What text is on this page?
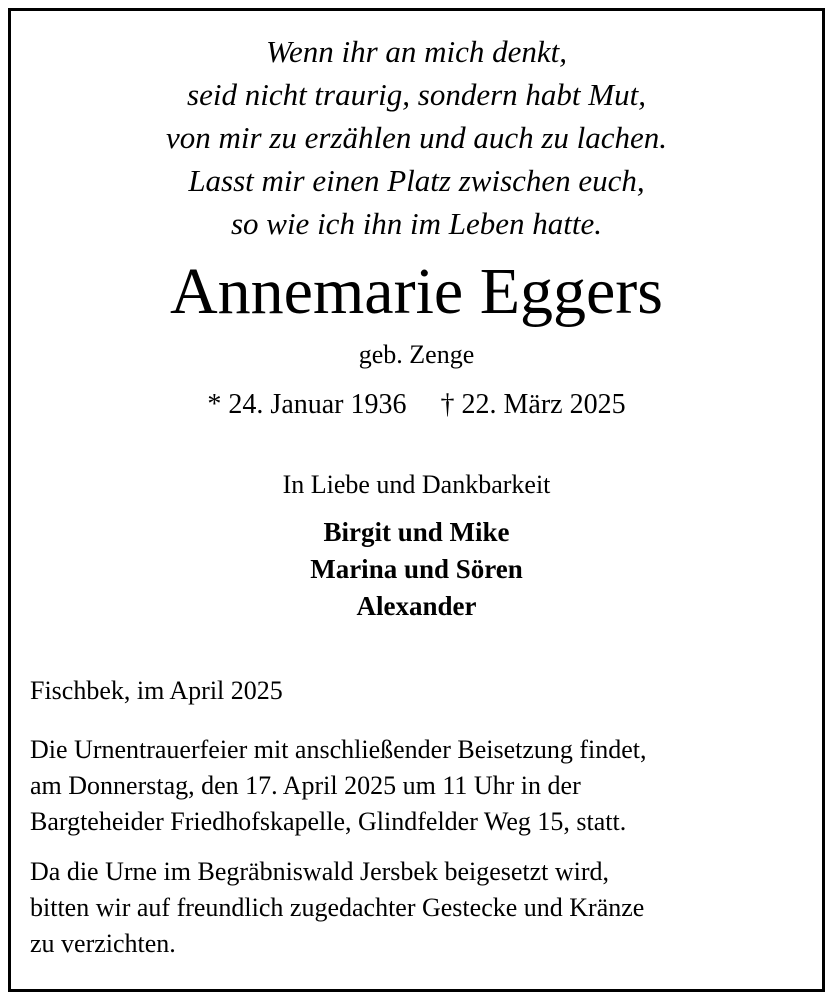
Wenn ihr an mich denkt,
seid nicht traurig, sondern habt Mut,
von mir zu erzählen und auch zu lachen.
Lasst mir einen Platz zwischen euch,
so wie ich ihn im Leben hatte.
Annemarie Eggers
geb. Zenge
* 24. Januar 1936 † 22. März 2025
In Liebe und Dankbarkeit
Birgit und Mike
Marina und Sören
Alexander
Fischbek, im April 2025
Die Urnentrauerfeier mit anschließender Beisetzung findet,
am Donnerstag, den 17. April 2025 um 11 Uhr in der
Bargteheider Friedhofskapelle, Glindfelder Weg 15, statt.
Da die Urne im Begräbniswald Jersbek beigesetzt wird,
bitten wir auf freundlich zugedachter Gestecke und Kränze
zu verzichten.
